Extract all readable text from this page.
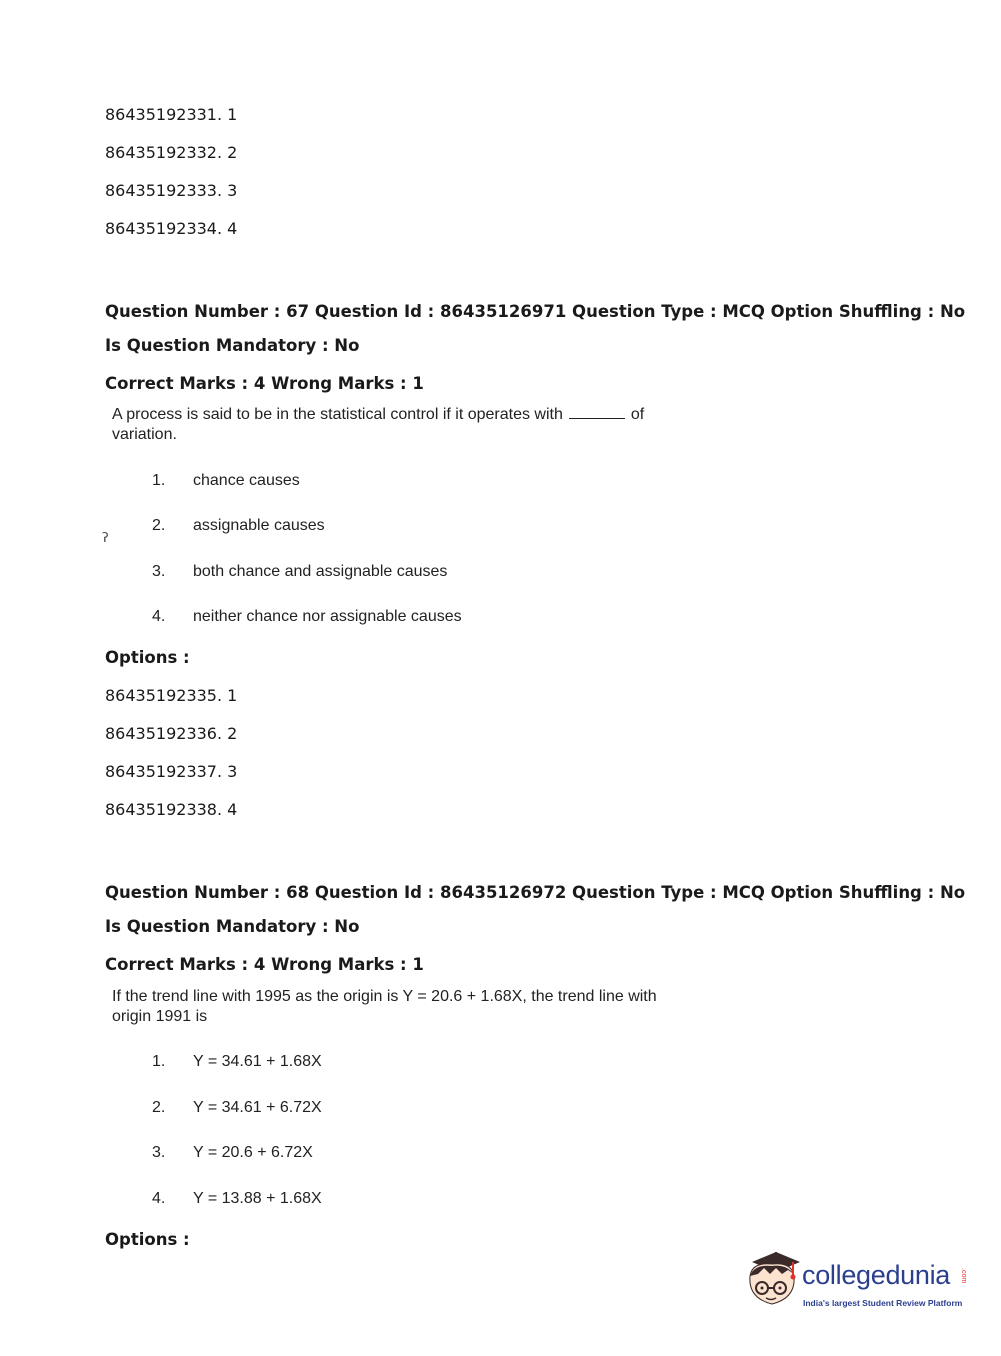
86435192331. 1
86435192332. 2
86435192333. 3
86435192334. 4
Question Number : 67 Question Id : 86435126971 Question Type : MCQ Option Shuffling : No
Is Question Mandatory : No
Correct Marks : 4 Wrong Marks : 1
A process is said to be in the statistical control if it operates with	of
variation.
1. chance causes
2. assignable causes
ʔ
3. both chance and assignable causes
4. neither chance nor assignable causes
Options :
86435192335. 1
86435192336. 2
86435192337. 3
86435192338. 4
Question Number : 68 Question Id : 86435126972 Question Type : MCQ Option Shuffling : No
Is Question Mandatory : No
Correct Marks : 4 Wrong Marks : 1
If the trend line with 1995 as the origin is Y = 20.6 + 1.68X, the trend line with
origin 1991 is
1. Y = 34.61 + 1.68X
2. Y = 34.61 + 6.72X
3. Y = 20.6 + 6.72X
4. Y = 13.88 + 1.68X
Options :
collegedunia .com
India's largest Student Review Platform
